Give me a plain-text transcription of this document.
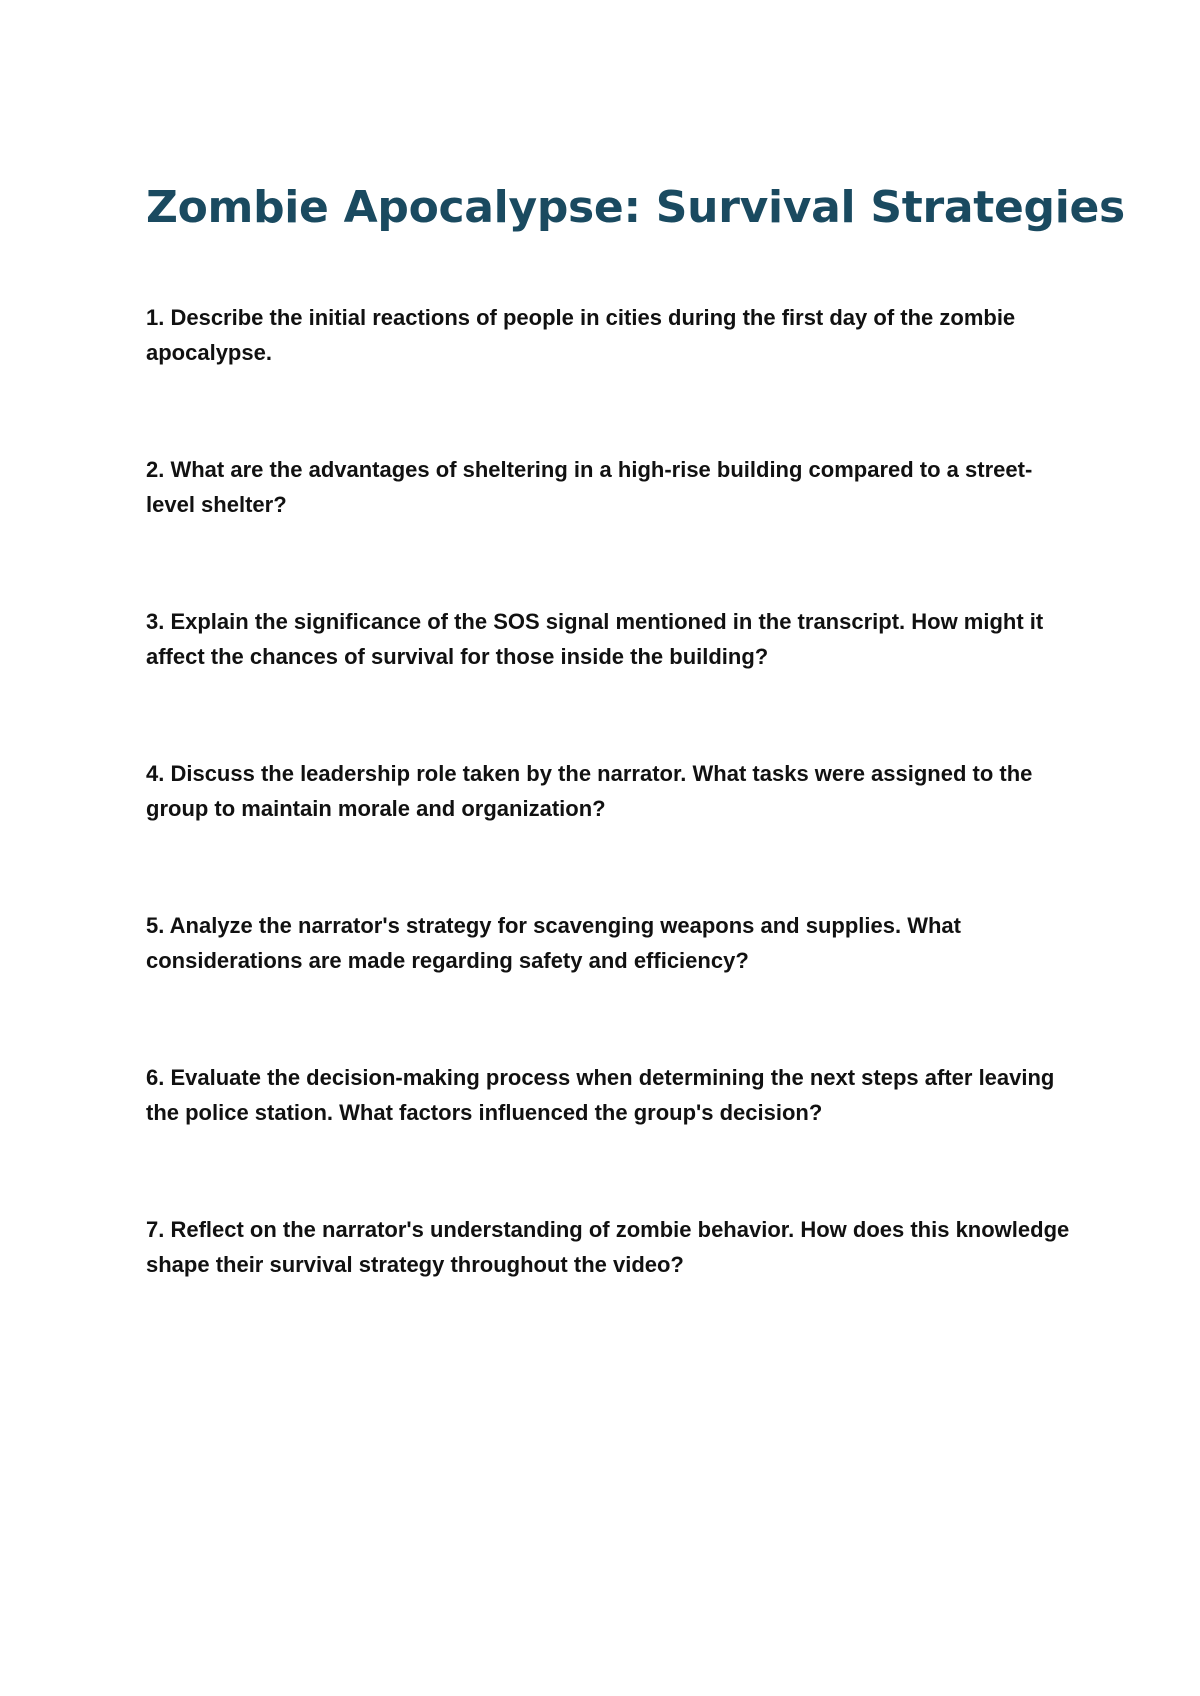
Zombie Apocalypse: Survival Strategies
1. Describe the initial reactions of people in cities during the first day of the zombie apocalypse.
2. What are the advantages of sheltering in a high-rise building compared to a street-level shelter?
3. Explain the significance of the SOS signal mentioned in the transcript. How might it affect the chances of survival for those inside the building?
4. Discuss the leadership role taken by the narrator. What tasks were assigned to the group to maintain morale and organization?
5. Analyze the narrator's strategy for scavenging weapons and supplies. What considerations are made regarding safety and efficiency?
6. Evaluate the decision-making process when determining the next steps after leaving the police station. What factors influenced the group's decision?
7. Reflect on the narrator's understanding of zombie behavior. How does this knowledge shape their survival strategy throughout the video?
